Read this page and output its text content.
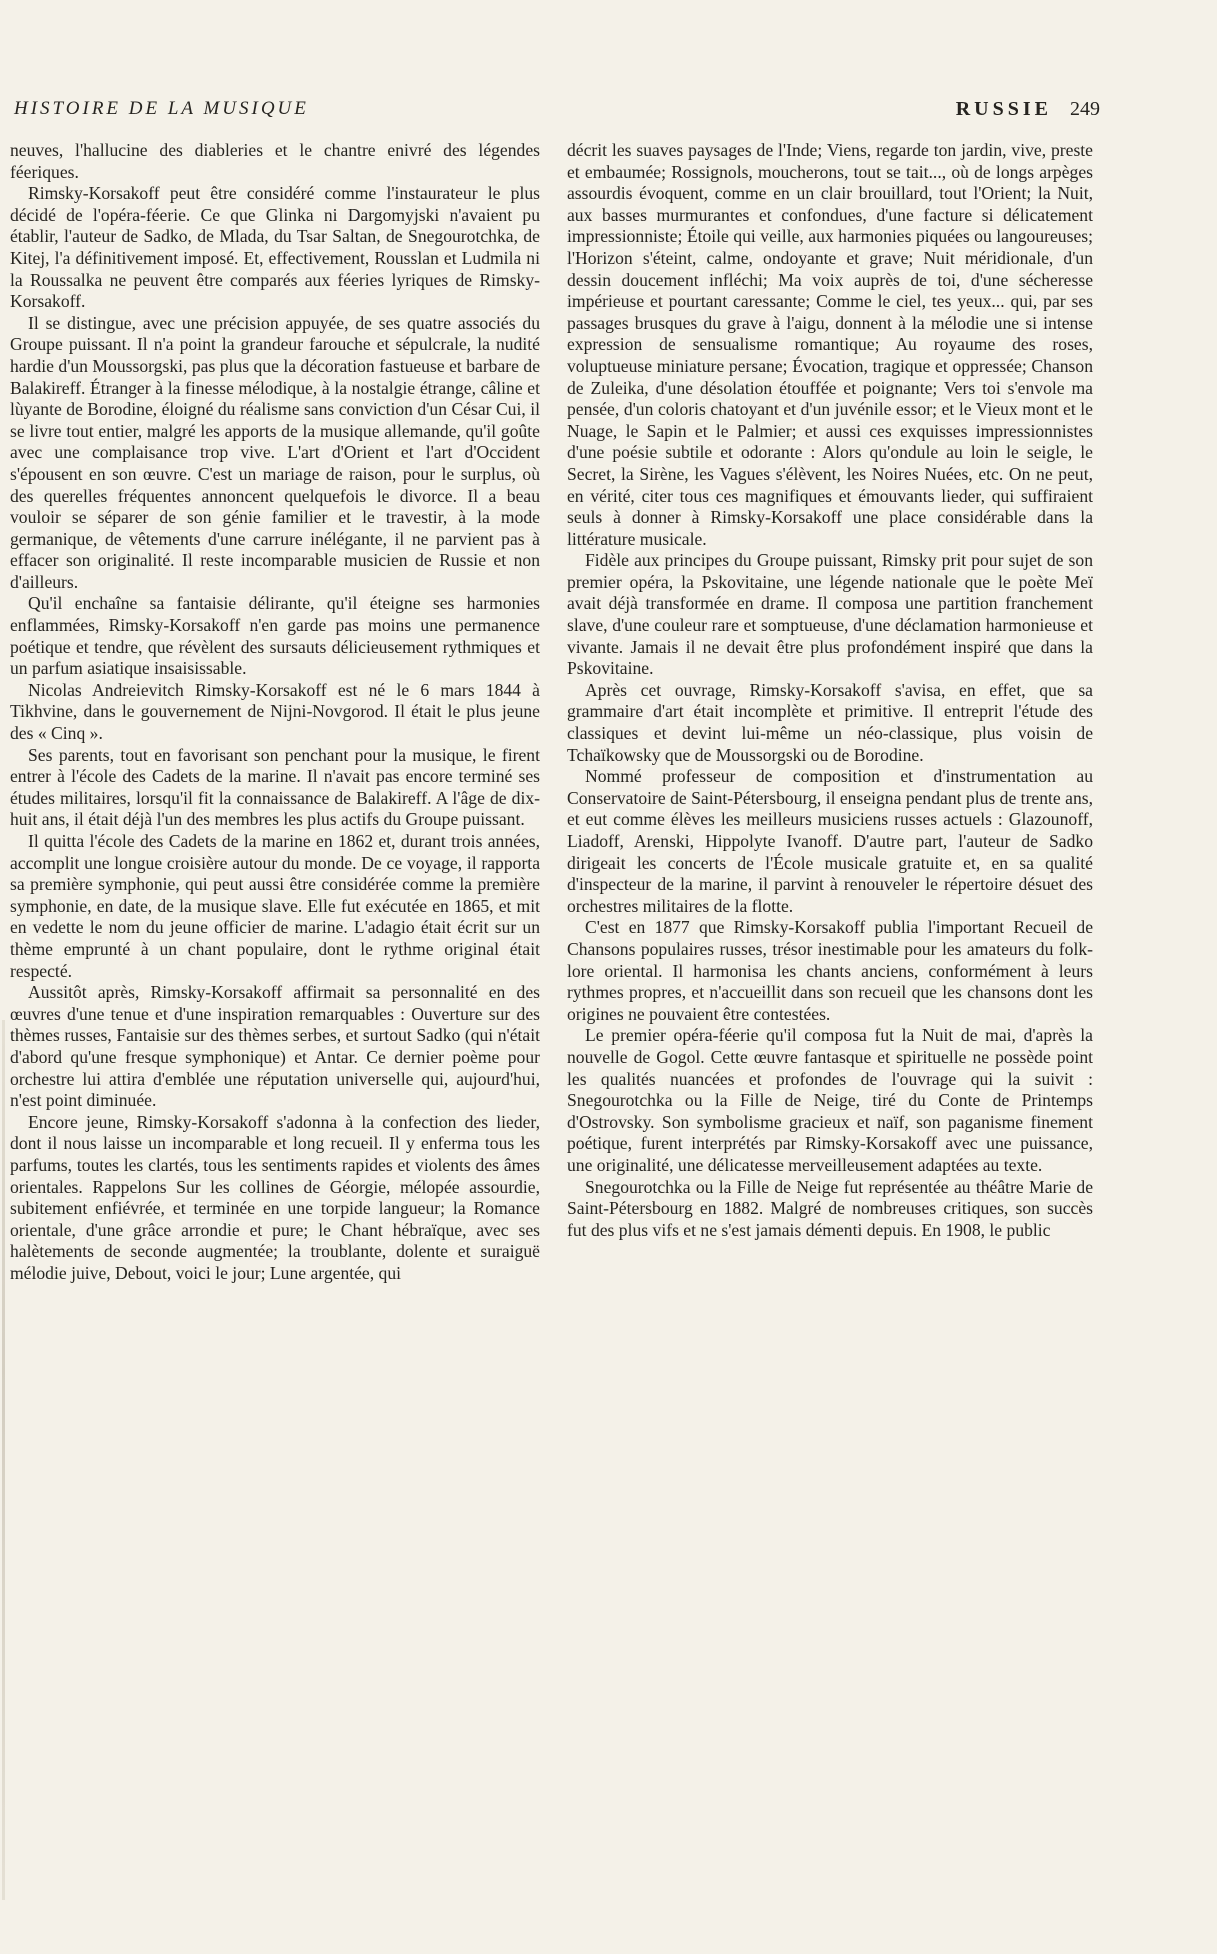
HISTOIRE DE LA MUSIQUE	RUSSIE 249

neuves, l'hallucine des diableries et le chantre enivré des légendes féeriques.

Rimsky-Korsakoff peut être considéré comme l'instaurateur le plus décidé de l'opéra-féerie. Ce que Glinka ni Dargomyjski n'avaient pu établir, l'auteur de Sadko, de Mlada, du Tsar Saltan, de Snegourotchka, de Kitej, l'a définitivement imposé. Et, effectivement, Rousslan et Ludmila ni la Roussalka ne peuvent être comparés aux féeries lyriques de Rimsky-Korsakoff.

Il se distingue, avec une précision appuyée, de ses quatre associés du Groupe puissant. Il n'a point la grandeur farouche et sépulcrale, la nudité hardie d'un Moussorgski, pas plus que la décoration fastueuse et barbare de Balakireff. Étranger à la finesse mélodique, à la nostalgie étrange, câline et lùyante de Borodine, éloigné du réalisme sans conviction d'un César Cui, il se livre tout entier, malgré les apports de la musique allemande, qu'il goûte avec une complaisance trop vive. L'art d'Orient et l'art d'Occident s'épousent en son œuvre. C'est un mariage de raison, pour le surplus, où des querelles fréquentes annoncent quelquefois le divorce. Il a beau vouloir se séparer de son génie familier et le travestir, à la mode germanique, de vêtements d'une carrure inélégante, il ne parvient pas à effacer son originalité. Il reste incomparable musicien de Russie et non d'ailleurs.

Qu'il enchaîne sa fantaisie délirante, qu'il éteigne ses harmonies enflammées, Rimsky-Korsakoff n'en garde pas moins une permanence poétique et tendre, que révèlent des sursauts délicieusement rythmiques et un parfum asiatique insaisissable.

Nicolas Andreievitch Rimsky-Korsakoff est né le 6 mars 1844 à Tikhvine, dans le gouvernement de Nijni-Novgorod. Il était le plus jeune des « Cinq ».

Ses parents, tout en favorisant son penchant pour la musique, le firent entrer à l'école des Cadets de la marine. Il n'avait pas encore terminé ses études militaires, lorsqu'il fit la connaissance de Balakireff. A l'âge de dix-huit ans, il était déjà l'un des membres les plus actifs du Groupe puissant.

Il quitta l'école des Cadets de la marine en 1862 et, durant trois années, accomplit une longue croisière autour du monde. De ce voyage, il rapporta sa première symphonie, qui peut aussi être considérée comme la première symphonie, en date, de la musique slave. Elle fut exécutée en 1865, et mit en vedette le nom du jeune officier de marine. L'adagio était écrit sur un thème emprunté à un chant populaire, dont le rythme original était respecté.

Aussitôt après, Rimsky-Korsakoff affirmait sa personnalité en des œuvres d'une tenue et d'une inspiration remarquables : Ouverture sur des thèmes russes, Fantaisie sur des thèmes serbes, et surtout Sadko (qui n'était d'abord qu'une fresque symphonique) et Antar. Ce dernier poème pour orchestre lui attira d'emblée une réputation universelle qui, aujourd'hui, n'est point diminuée.

Encore jeune, Rimsky-Korsakoff s'adonna à la confection des lieder, dont il nous laisse un incomparable et long recueil. Il y enferma tous les parfums, toutes les clartés, tous les sentiments rapides et violents des âmes orientales. Rappelons Sur les collines de Géorgie, mélopée assourdie, subitement enfiévrée, et terminée en une torpide langueur; la Romance orientale, d'une grâce arrondie et pure; le Chant hébraïque, avec ses halètements de seconde augmentée; la troublante, dolente et suraiguë mélodie juive, Debout, voici le jour; Lune argentée, qui

décrit les suaves paysages de l'Inde; Viens, regarde ton jardin, vive, preste et embaumée; Rossignols, moucherons, tout se tait..., où de longs arpèges assourdis évoquent, comme en un clair brouillard, tout l'Orient; la Nuit, aux basses murmurantes et confondues, d'une facture si délicatement impressionniste; Étoile qui veille, aux harmonies piquées ou langoureuses; l'Horizon s'éteint, calme, ondoyante et grave; Nuit méridionale, d'un dessin doucement infléchi; Ma voix auprès de toi, d'une sécheresse impérieuse et pourtant caressante; Comme le ciel, tes yeux... qui, par ses passages brusques du grave à l'aigu, donnent à la mélodie une si intense expression de sensualisme romantique; Au royaume des roses, voluptueuse miniature persane; Évocation, tragique et oppressée; Chanson de Zuleika, d'une désolation étouffée et poignante; Vers toi s'envole ma pensée, d'un coloris chatoyant et d'un juvénile essor; et le Vieux mont et le Nuage, le Sapin et le Palmier; et aussi ces exquisses impressionnistes d'une poésie subtile et odorante : Alors qu'ondule au loin le seigle, le Secret, la Sirène, les Vagues s'élèvent, les Noires Nuées, etc. On ne peut, en vérité, citer tous ces magnifiques et émouvants lieder, qui suffiraient seuls à donner à Rimsky-Korsakoff une place considérable dans la littérature musicale.

Fidèle aux principes du Groupe puissant, Rimsky prit pour sujet de son premier opéra, la Pskovitaine, une légende nationale que le poète Meï avait déjà transformée en drame. Il composa une partition franchement slave, d'une couleur rare et somptueuse, d'une déclamation harmonieuse et vivante. Jamais il ne devait être plus profondément inspiré que dans la Pskovitaine.

Après cet ouvrage, Rimsky-Korsakoff s'avisa, en effet, que sa grammaire d'art était incomplète et primitive. Il entreprit l'étude des classiques et devint lui-même un néo-classique, plus voisin de Tchaïkowsky que de Moussorgski ou de Borodine.

Nommé professeur de composition et d'instrumentation au Conservatoire de Saint-Pétersbourg, il enseigna pendant plus de trente ans, et eut comme élèves les meilleurs musiciens russes actuels : Glazounoff, Liadoff, Arenski, Hippolyte Ivanoff. D'autre part, l'auteur de Sadko dirigeait les concerts de l'École musicale gratuite et, en sa qualité d'inspecteur de la marine, il parvint à renouveler le répertoire désuet des orchestres militaires de la flotte.

C'est en 1877 que Rimsky-Korsakoff publia l'important Recueil de Chansons populaires russes, trésor inestimable pour les amateurs du folk-lore oriental. Il harmonisa les chants anciens, conformément à leurs rythmes propres, et n'accueillit dans son recueil que les chansons dont les origines ne pouvaient être contestées.

Le premier opéra-féerie qu'il composa fut la Nuit de mai, d'après la nouvelle de Gogol. Cette œuvre fantasque et spirituelle ne possède point les qualités nuancées et profondes de l'ouvrage qui la suivit : Snegourotchka ou la Fille de Neige, tiré du Conte de Printemps d'Ostrovsky. Son symbolisme gracieux et naïf, son paganisme finement poétique, furent interprétés par Rimsky-Korsakoff avec une puissance, une originalité, une délicatesse merveilleusement adaptées au texte.

Snegourotchka ou la Fille de Neige fut représentée au théâtre Marie de Saint-Pétersbourg en 1882. Malgré de nombreuses critiques, son succès fut des plus vifs et ne s'est jamais démenti depuis. En 1908, le public
